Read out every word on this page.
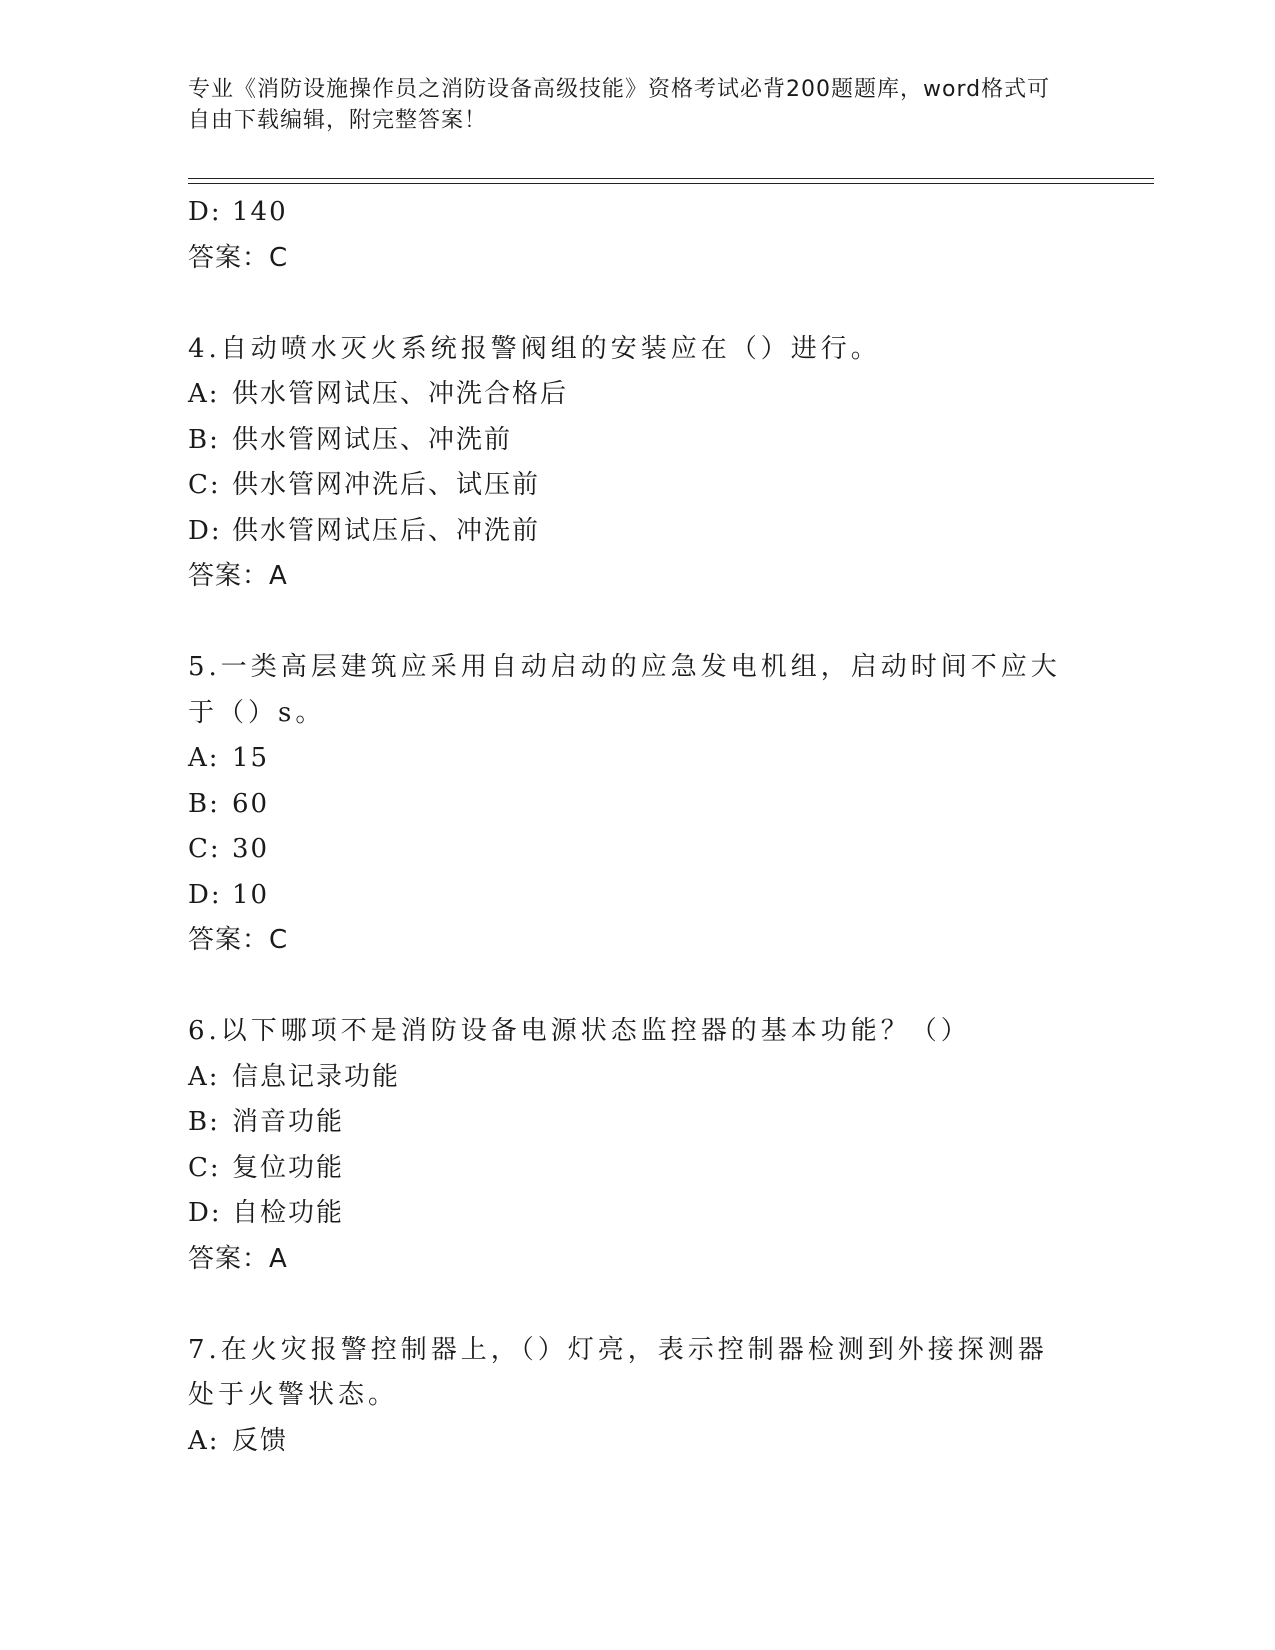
专业《消防设施操作员之消防设备高级技能》资格考试必背200题题库，word格式可自由下载编辑，附完整答案！
D: 140
答案：C
4.自动喷水灭火系统报警阀组的安装应在（）进行。
A: 供水管网试压、冲洗合格后
B: 供水管网试压、冲洗前
C: 供水管网冲洗后、试压前
D: 供水管网试压后、冲洗前
答案：A
5.一类高层建筑应采用自动启动的应急发电机组，启动时间不应大于（）s。
A: 15
B: 60
C: 30
D: 10
答案：C
6.以下哪项不是消防设备电源状态监控器的基本功能？（）
A: 信息记录功能
B: 消音功能
C: 复位功能
D: 自检功能
答案：A
7.在火灾报警控制器上，（）灯亮，表示控制器检测到外接探测器处于火警状态。
A: 反馈
